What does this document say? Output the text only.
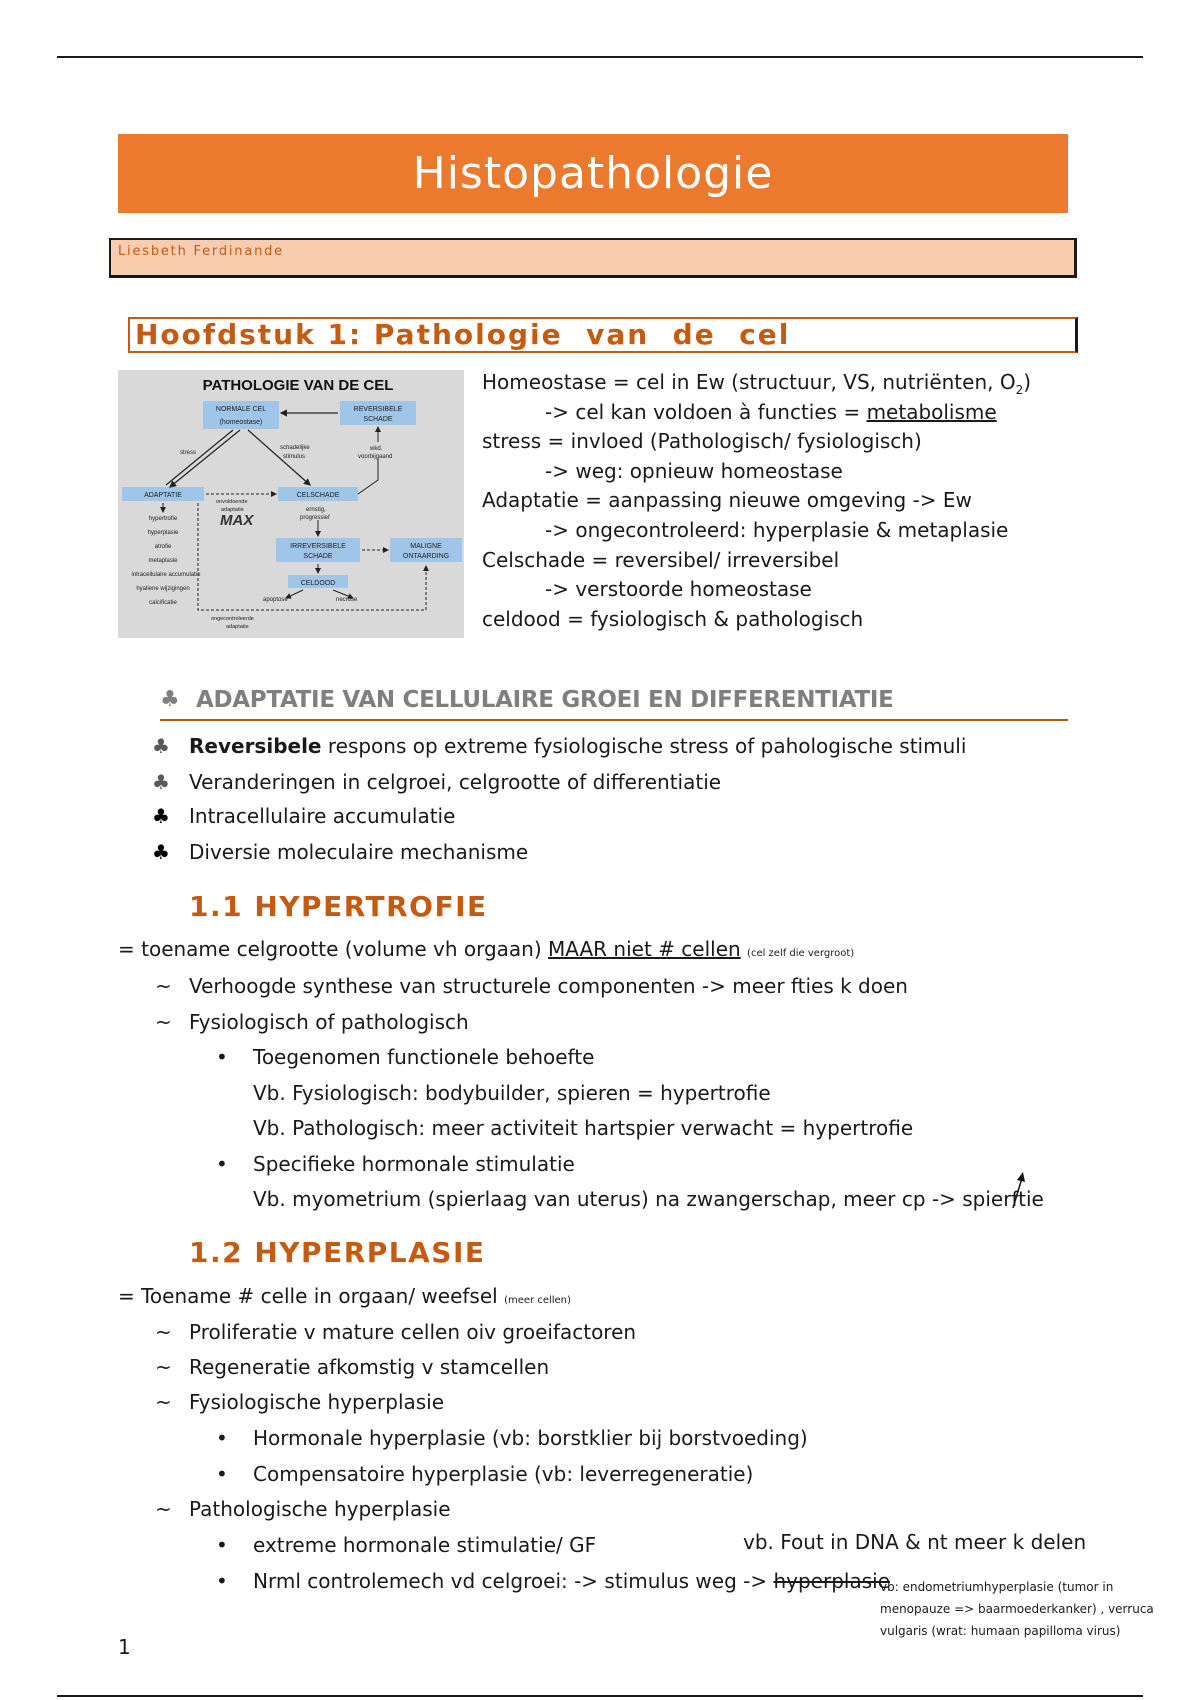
Histopathologie
Liesbeth Ferdinande
Hoofdstuk 1: Pathologie  van  de  cel
PATHOLOGIE VAN DE CEL
NORMALE CEL
(homeostase)
REVERSIBELE
SCHADE
ADAPTATIE	CELSCHADE
IRREVERSIBELE
SCHADE
MALIGNE
ONTAARDING
CELDOOD
stress
schadelijke
stimulus
wkd.
voorbijgaand
onvoldoende
adaptatie
MAX
ernstig,
progressief
apoptose	necrose
ongecontroleerde
adaptatie
hypertrofie
hyperplasie
atrofie
metaplasie
intracellulaire accumulatie
hyaliene wijzigingen
calcificatie
Homeostase = cel in Ew (structuur, VS, nutriënten, $O_2$)
-> cel kan voldoen à functies = metabolisme
stress = invloed (Pathologisch/ fysiologisch)
-> weg: opnieuw homeostase
Adaptatie = aanpassing nieuwe omgeving -> Ew
-> ongecontroleerd: hyperplasie & metaplasie
Celschade = reversibel/ irreversibel
-> verstoorde homeostase
celdood = fysiologisch & pathologisch
♣ ADAPTATIE VAN CELLULAIRE GROEI EN DIFFERENTIATIE
♣ Reversibele respons op extreme fysiologische stress of pahologische stimuli
♣ Veranderingen in celgroei, celgrootte of differentiatie
♣ Intracellulaire accumulatie
♣ Diversie moleculaire mechanisme
1.1 HYPERTROFIE
= toename celgrootte (volume vh orgaan) MAAR niet # cellen (cel zelf die vergroot)
~ Verhoogde synthese van structurele componenten -> meer fties k doen
~ Fysiologisch of pathologisch
• Toegenomen functionele behoefte
Vb. Fysiologisch: bodybuilder, spieren = hypertrofie
Vb. Pathologisch: meer activiteit hartspier verwacht = hypertrofie
• Specifieke hormonale stimulatie
Vb. myometrium (spierlaag van uterus) na zwangerschap, meer cp -> spierftie
1.2 HYPERPLASIE
= Toename # celle in orgaan/ weefsel (meer cellen)
~ Proliferatie v mature cellen oiv groeifactoren
~ Regeneratie afkomstig v stamcellen
~ Fysiologische hyperplasie
• Hormonale hyperplasie (vb: borstklier bij borstvoeding)
• Compensatoire hyperplasie (vb: leverregeneratie)
~ Pathologische hyperplasie
• extreme hormonale stimulatie/ GF	vb. Fout in DNA & nt meer k delen
• Nrml controlemech vd celgroei: -> stimulus weg -> hyperplasie
vb: endometriumhyperplasie (tumor in menopauze => baarmoederkanker) , verruca vulgaris (wrat: humaan papilloma virus)
1
